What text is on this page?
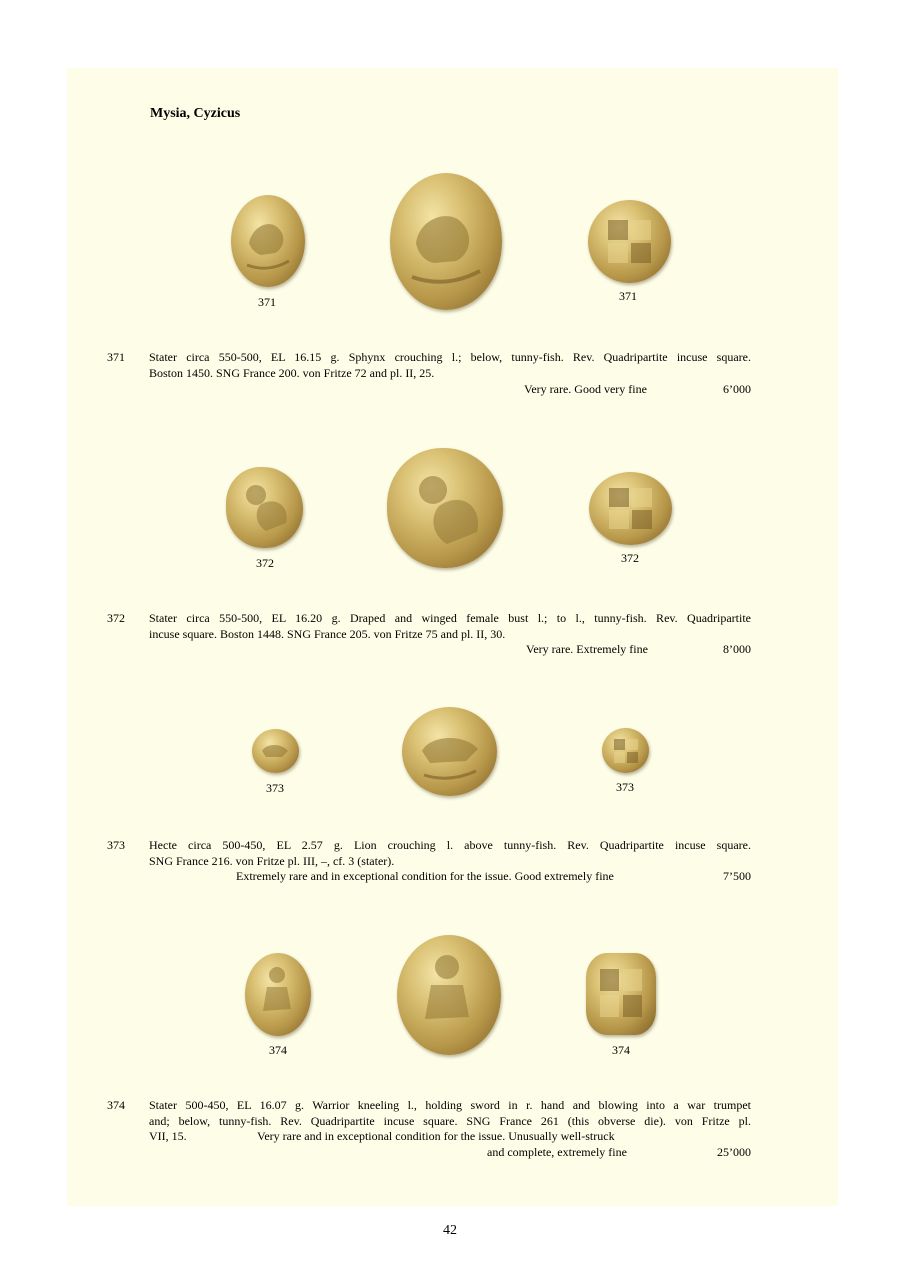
Mysia, Cyzicus
371	371
371 Stater circa 550-500, EL 16.15 g. Sphynx crouching l.; below, tunny-fish. Rev. Quadripartite incuse square.

Boston 1450. SNG France 200. von Fritze 72 and pl. II, 25.

Very rare. Good very fine	6’000
372	372
372 Stater circa 550-500, EL 16.20 g. Draped and winged female bust l.; to l., tunny-fish. Rev. Quadripartite

incuse square. Boston 1448. SNG France 205. von Fritze 75 and pl. II, 30.

Very rare. Extremely fine	8’000
373	373
373 Hecte circa 500-450, EL 2.57 g. Lion crouching l. above tunny-fish. Rev. Quadripartite incuse square.

SNG France 216. von Fritze pl. III, –, cf. 3 (stater).

Extremely rare and in exceptional condition for the issue. Good extremely fine	7’500
374	374
374 Stater 500-450, EL 16.07 g. Warrior kneeling l., holding sword in r. hand and blowing into a war trumpet

and; below, tunny-fish. Rev. Quadripartite incuse square. SNG France 261 (this obverse die). von Fritze pl.

VII, 15.	Very rare and in exceptional condition for the issue. Unusually well-struck
and complete, extremely fine	25’000
42
